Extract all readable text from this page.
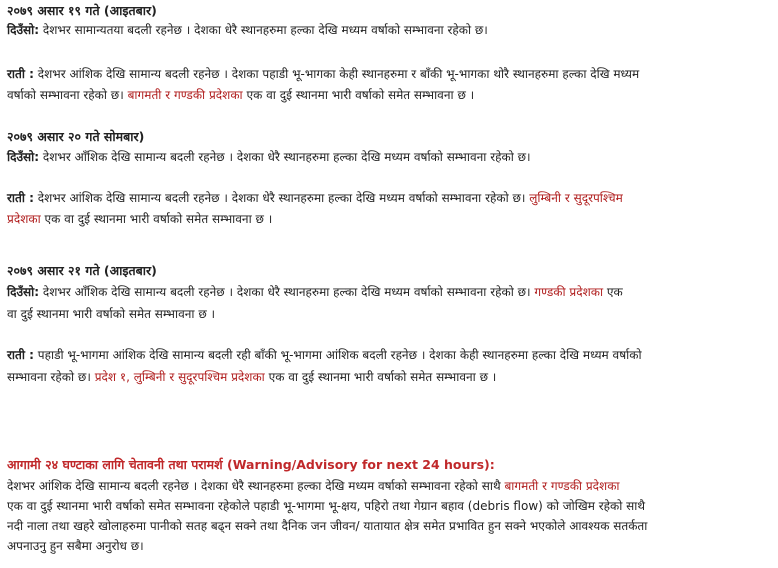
२०७९ असार १९ गते (आइतबार)
दिउँसो: देशभर सामान्यतया बदली रहनेछ । देशका धेरै स्थानहरुमा हल्का देखि मध्यम वर्षाको सम्भावना रहेको छ।
राती : देशभर आंशिक देखि सामान्य बदली रहनेछ । देशका पहाडी भू-भागका केही स्थानहरुमा र बाँकी भू-भागका थोरै स्थानहरुमा हल्का देखि मध्यम
वर्षाको सम्भावना रहेको छ। बागमती र गण्डकी प्रदेशका एक वा दुई स्थानमा भारी वर्षाको समेत सम्भावना छ ।
२०७९ असार २० गते सोमबार)
दिउँसो: देशभर आँशिक देखि सामान्य बदली रहनेछ । देशका धेरै स्थानहरुमा हल्का देखि मध्यम वर्षाको सम्भावना रहेको छ।
राती : देशभर आंशिक देखि सामान्य बदली रहनेछ । देशका धेरै स्थानहरुमा हल्का देखि मध्यम वर्षाको सम्भावना रहेको छ। लुम्बिनी र सुदूरपश्चिम
प्रदेशका एक वा दुई स्थानमा भारी वर्षाको समेत सम्भावना छ ।
२०७९ असार २१ गते (आइतबार)
दिउँसो: देशभर आँशिक देखि सामान्य बदली रहनेछ । देशका धेरै स्थानहरुमा हल्का देखि मध्यम वर्षाको सम्भावना रहेको छ। गण्डकी प्रदेशका एक
वा दुई स्थानमा भारी वर्षाको समेत सम्भावना छ ।
राती : पहाडी भू-भागमा आंशिक देखि सामान्य बदली रही बाँकी भू-भागमा आंशिक बदली रहनेछ । देशका केही स्थानहरुमा हल्का देखि मध्यम वर्षाको
सम्भावना रहेको छ। प्रदेश १, लुम्बिनी र सुदूरपश्चिम प्रदेशका एक वा दुई स्थानमा भारी वर्षाको समेत सम्भावना छ ।
आगामी २४ घण्टाका लागि चेतावनी तथा परामर्श (Warning/Advisory for next 24 hours):
देशभर आंशिक देखि सामान्य बदली रहनेछ । देशका धेरै स्थानहरुमा हल्का देखि मध्यम वर्षाको सम्भावना रहेको साथै बागमती र गण्डकी प्रदेशका
एक वा दुई स्थानमा भारी वर्षाको समेत सम्भावना रहेकोले पहाडी भू-भागमा भू-क्षय, पहिरो तथा गेग्रान बहाव (debris flow) को जोखिम रहेको साथै
नदी नाला तथा खहरे खोलाहरुमा पानीको सतह बढ्न सक्ने तथा दैनिक जन जीवन/ यातायात क्षेत्र समेत प्रभावित हुन सक्ने भएकोले आवश्यक सतर्कता
अपनाउनु हुन सबैमा अनुरोध छ।
